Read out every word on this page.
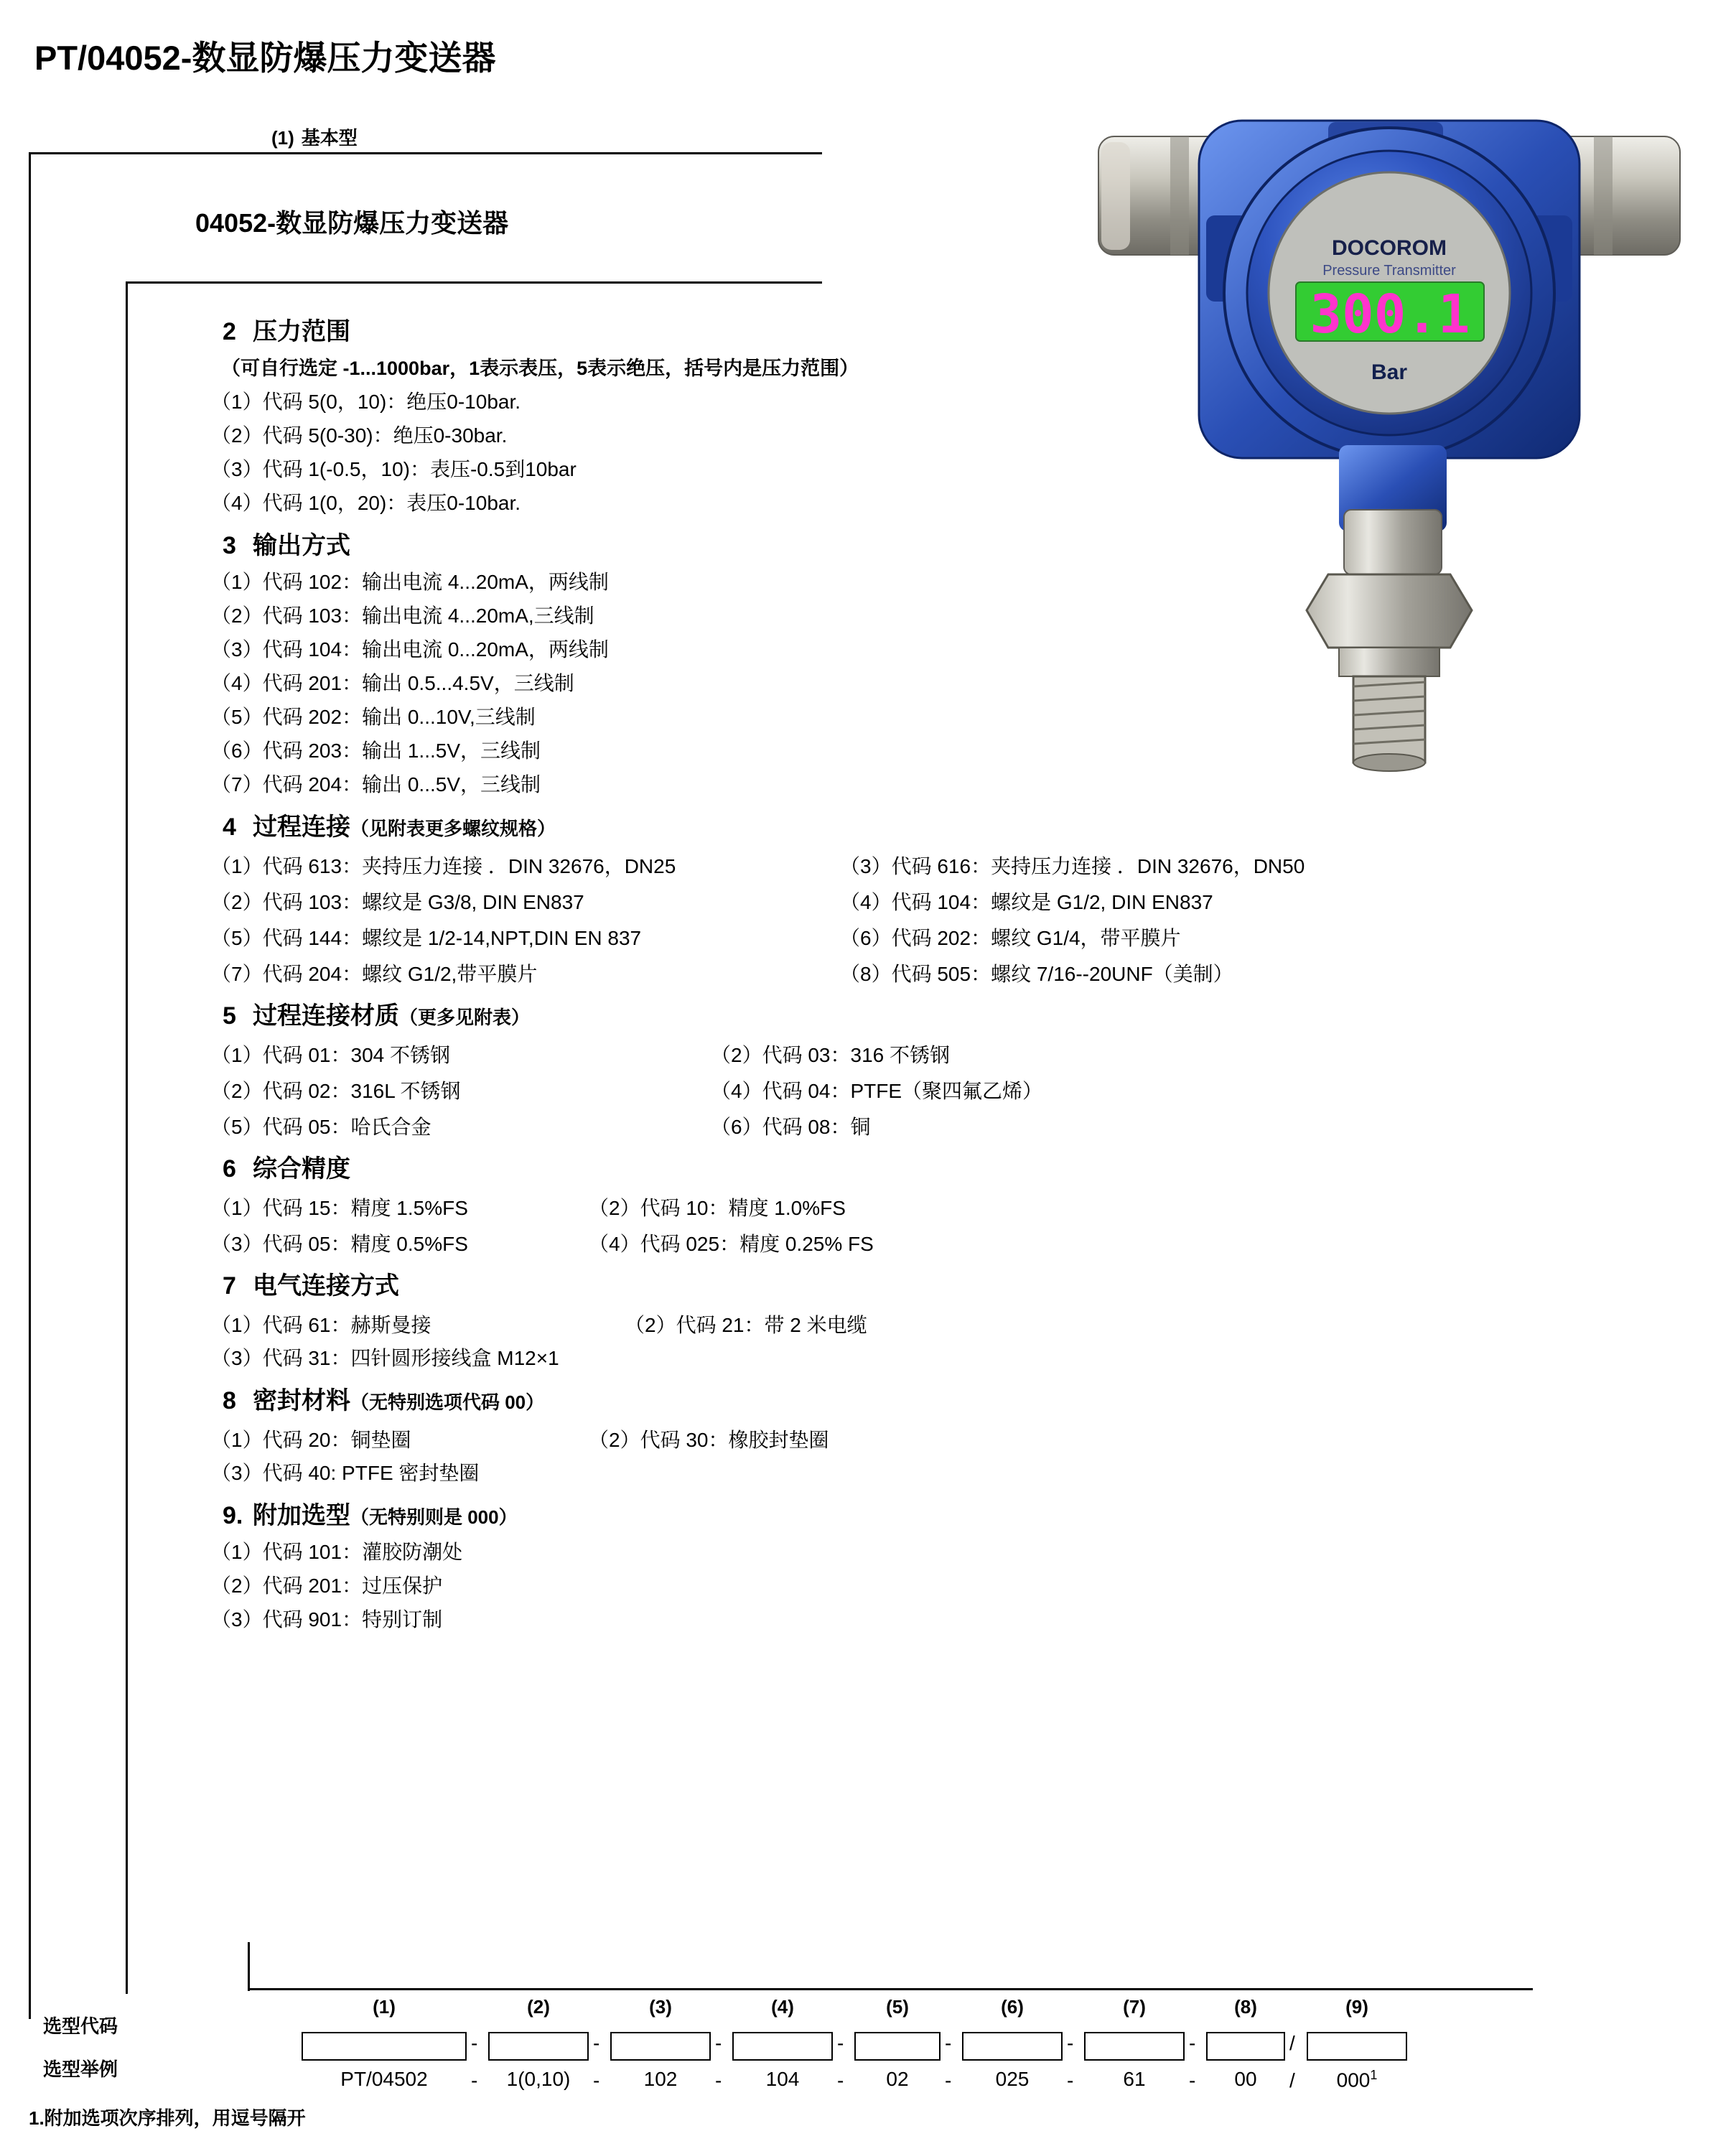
PT/04052-数显防爆压力变送器
(1) 基本型
04052-数显防爆压力变送器
DOCOROM
Pressure Transmitter
300.1
Bar
2 压力范围
（可自行选定 -1...1000bar，1表示表压，5表示绝压，括号内是压力范围）
（1）代码 5(0，10)：绝压0-10bar.
（2）代码 5(0-30)：绝压0-30bar.
（3）代码 1(-0.5，10)：表压-0.5到10bar
（4）代码 1(0，20)：表压0-10bar.
3 输出方式
（1）代码 102：输出电流 4...20mA，两线制
（2）代码 103：输出电流 4...20mA,三线制
（3）代码 104：输出电流 0...20mA，两线制
（4）代码 201：输出 0.5...4.5V，三线制
（5）代码 202：输出 0...10V,三线制
（6）代码 203：输出 1...5V，三线制
（7）代码 204：输出 0...5V，三线制
4 过程连接（见附表更多螺纹规格）
（1）代码 613：夹持压力连接 ．DIN 32676，DN25	（3）代码 616：夹持压力连接 ．DIN 32676，DN50
（2）代码 103：螺纹是 G3/8, DIN EN837	（4）代码 104：螺纹是 G1/2, DIN EN837
（5）代码 144：螺纹是 1/2-14,NPT,DIN EN 837	（6）代码 202：螺纹 G1/4，带平膜片
（7）代码 204：螺纹 G1/2,带平膜片	（8）代码 505：螺纹 7/16--20UNF（美制）
5 过程连接材质（更多见附表）
（1）代码 01：304 不锈钢	（2）代码 03：316 不锈钢
（2）代码 02：316L 不锈钢	（4）代码 04：PTFE（聚四氟乙烯）
（5）代码 05：哈氏合金	（6）代码 08：铜
6 综合精度
（1）代码 15：精度 1.5%FS	（2）代码 10：精度 1.0%FS
（3）代码 05：精度 0.5%FS	（4）代码 025：精度 0.25% FS
7 电气连接方式
（1）代码 61：赫斯曼接	（2）代码 21：带 2 米电缆
（3）代码 31：四针圆形接线盒 M12×1
8 密封材料（无特别选项代码 00）
（1）代码 20：铜垫圈	（2）代码 30：橡胶封垫圈
（3）代码 40: PTFE 密封垫圈
9. 附加选型（无特别则是 000）
（1）代码 101：灌胶防潮处
（2）代码 201：过压保护
（3）代码 901：特别订制
选型代码
选型举例
(1)	(2)	(3)	(4)	(5)	(6)	(7)	(8)	(9)
-	-	-	-	-	-	-	/
PT/04502	-	1(0,10)	-	102	-	104	-	02	-	025	-	61	-	00	/	$000^1$
1.附加选项次序排列，用逗号隔开
